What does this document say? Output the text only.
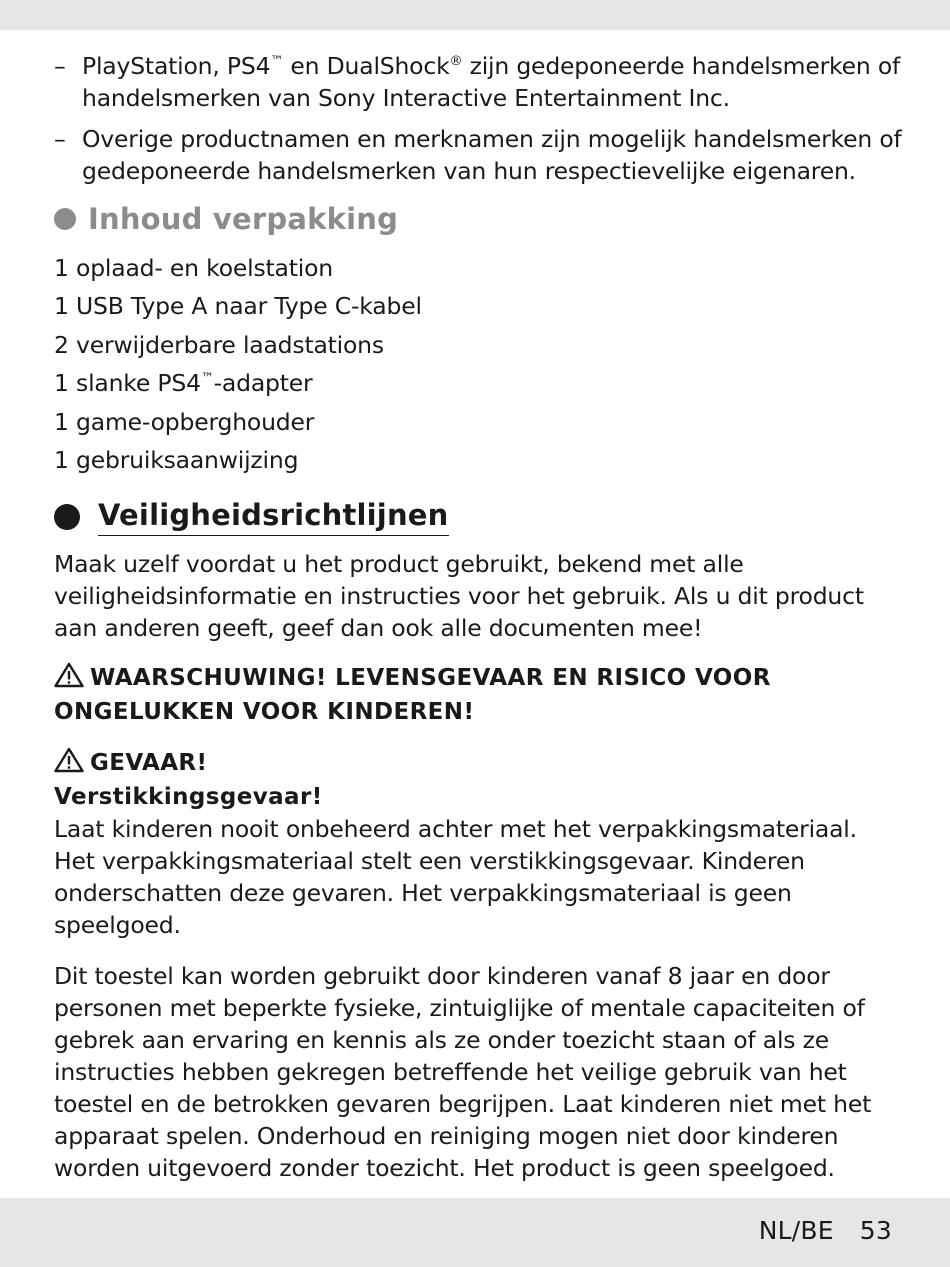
– PlayStation, PS4™ en DualShock® zijn gedeponeerde handelsmerken of handelsmerken van Sony Interactive Entertainment Inc.
– Overige productnamen en merknamen zijn mogelijk handelsmerken of gedeponeerde handelsmerken van hun respectievelijke eigenaren.
Inhoud verpakking
1 oplaad- en koelstation
1 USB Type A naar Type C-kabel
2 verwijderbare laadstations
1 slanke PS4™-adapter
1 game-opberghouder
1 gebruiksaanwijzing
Veiligheidsrichtlijnen
Maak uzelf voordat u het product gebruikt, bekend met alle veiligheidsinformatie en instructies voor het gebruik. Als u dit product aan anderen geeft, geef dan ook alle documenten mee!
WAARSCHUWING! LEVENSGEVAAR EN RISICO VOOR ONGELUKKEN VOOR KINDEREN!
GEVAAR!
Verstikkingsgevaar!
Laat kinderen nooit onbeheerd achter met het verpakkingsmateriaal. Het verpakkingsmateriaal stelt een verstikkingsgevaar. Kinderen onderschatten deze gevaren. Het verpakkingsmateriaal is geen speelgoed.
Dit toestel kan worden gebruikt door kinderen vanaf 8 jaar en door personen met beperkte fysieke, zintuiglijke of mentale capaciteiten of gebrek aan ervaring en kennis als ze onder toezicht staan of als ze instructies hebben gekregen betreffende het veilige gebruik van het toestel en de betrokken gevaren begrijpen. Laat kinderen niet met het apparaat spelen. Onderhoud en reiniging mogen niet door kinderen worden uitgevoerd zonder toezicht. Het product is geen speelgoed.
NL/BE 53
